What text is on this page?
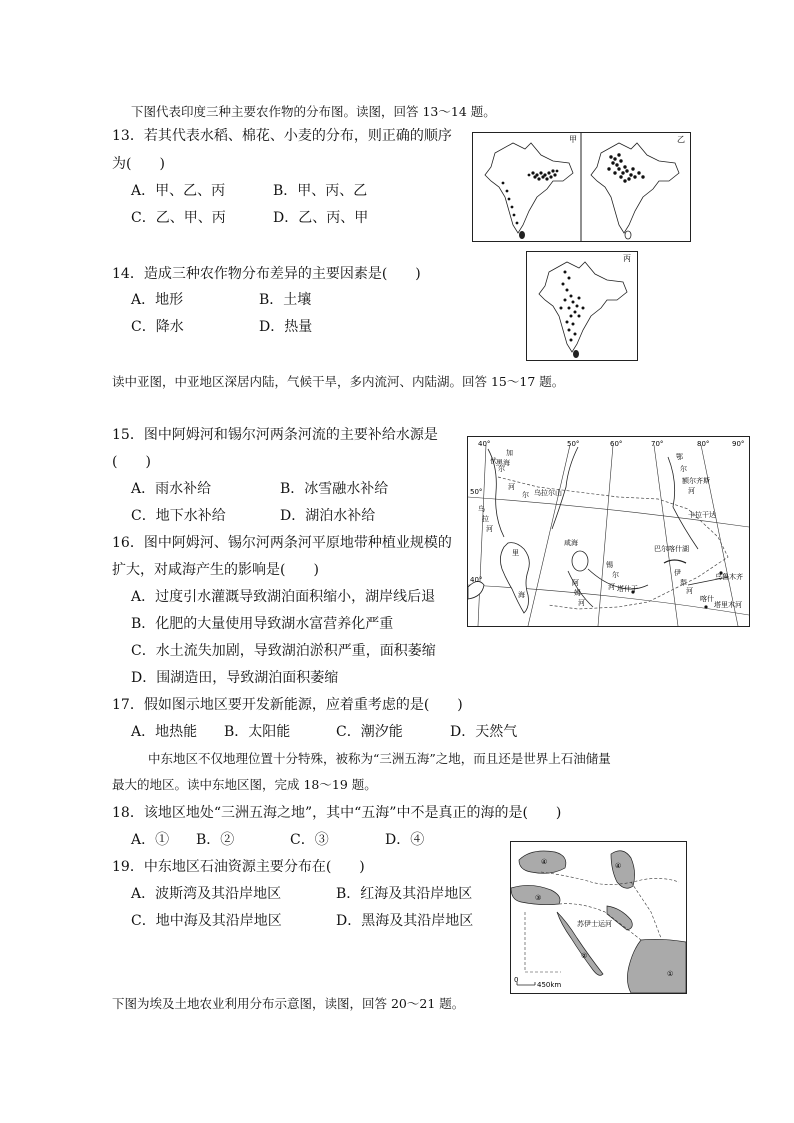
下图代表印度三种主要农作物的分布图。读图，回答 13～14 题。
13．若其代表水稻、棉花、小麦的分布，则正确的顺序
为(　　)
A．甲、乙、丙	B．甲、丙、乙
C．乙、甲、丙	D．乙、丙、甲
甲	乙
14．造成三种农作物分布差异的主要因素是(　　)
A．地形	B．土壤
C．降水	D．热量
丙
读中亚图，中亚地区深居内陆，气候干旱，多内流河、内陆湖。回答 15～17 题。
15．图中阿姆河和锡尔河两条河流的主要补给水源是
(　　)
A．雨水补给	B．冰雪融水补给
C．地下水补给	D．湖泊水补给
40°	50°	60°	70°	80°	90°
50°
40°
伏
尔
加
河
黑海
尔 乌拉尔山
乌
拉
河
鄂
尔
额尔齐斯
河
卡拉干达
里
海
咸海
阿
姆
河
锡
尔
河
巴尔喀什湖
伊
犁
河
塔什干
乌鲁木齐
喀什
塔里木河
16．图中阿姆河、锡尔河两条河平原地带种植业规模的
扩大，对咸海产生的影响是(　　)
A．过度引水灌溉导致湖泊面积缩小，湖岸线后退
B．化肥的大量使用导致湖水富营养化严重
C．水土流失加剧，导致湖泊淤积严重，面积萎缩
D．围湖造田，导致湖泊面积萎缩
17．假如图示地区要开发新能源，应着重考虑的是(　　)
A．地热能 B．太阳能	C．潮汐能	D．天然气
中东地区不仅地理位置十分特殊，被称为“三洲五海”之地，而且还是世界上石油储量
最大的地区。读中东地区图，完成 18～19 题。
18．该地区地处“三洲五海之地”，其中“五海”中不是真正的海的是(　　)
A．① B．②	C．③	D．④
19．中东地区石油资源主要分布在(　　)
A．波斯湾及其沿岸地区	B．红海及其沿岸地区
C．地中海及其沿岸地区	D．黑海及其沿岸地区
0
450km
④	④
③
②
①
苏伊士运河
下图为埃及土地农业利用分布示意图，读图，回答 20～21 题。
